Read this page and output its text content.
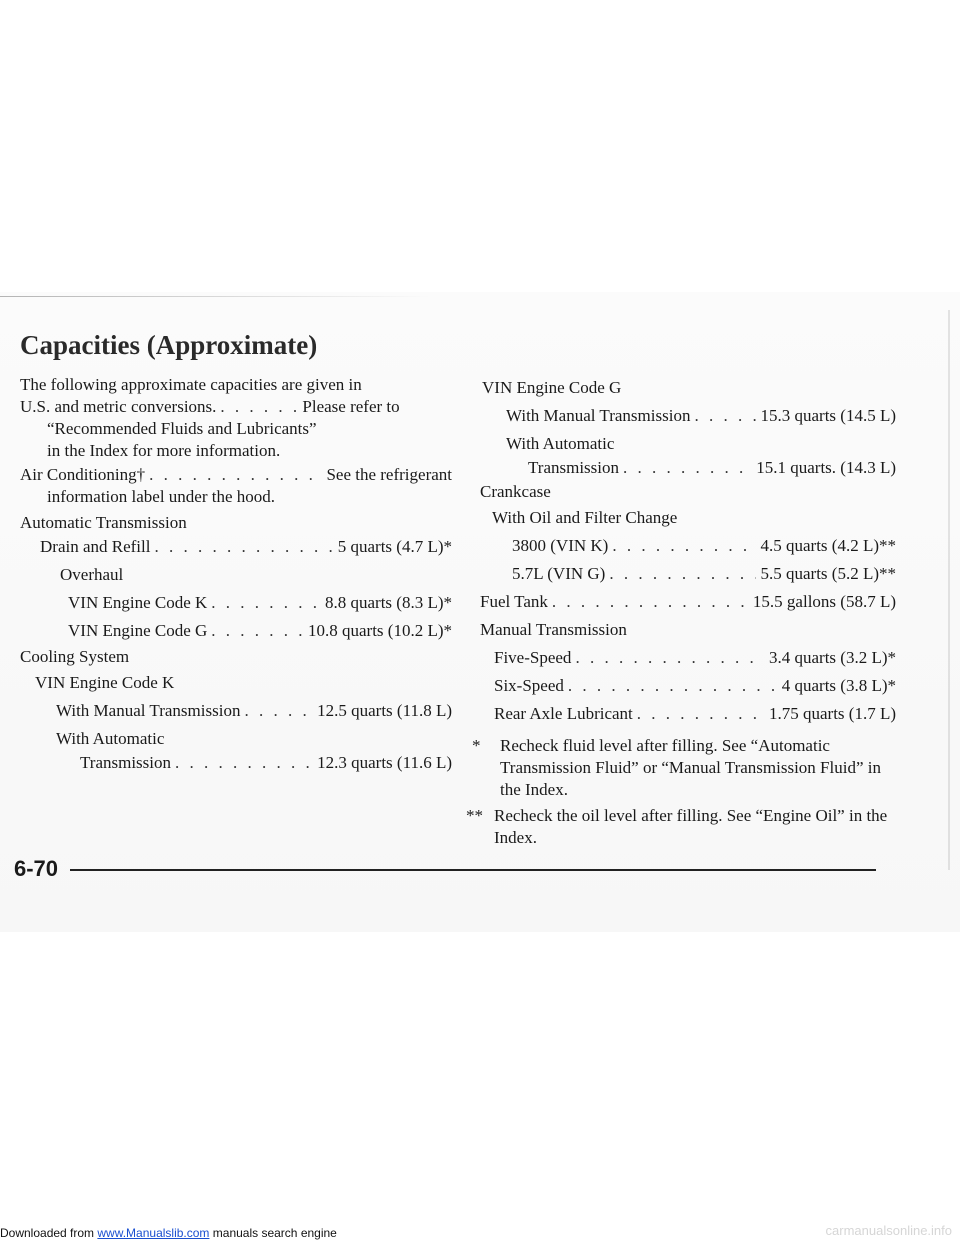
Capacities (Approximate)
The following approximate capacities are given in
U.S. and metric conversions. . . .	Please refer to
“Recommended Fluids and Lubricants”
in the Index for more information.
Air Conditioning† . . .	See the refrigerant
information label under the hood.
Automatic Transmission
Drain and Refill . . .	5 quarts (4.7 L)*
Overhaul
VIN Engine Code K . . .	8.8 quarts (8.3 L)*
VIN Engine Code G . . .	10.8 quarts (10.2 L)*
Cooling System
VIN Engine Code K
With Manual Transmission . . .	12.5 quarts (11.8 L)
With Automatic
Transmission . . .	12.3 quarts (11.6 L)
VIN Engine Code G
With Manual Transmission . . .	15.3 quarts (14.5 L)
With Automatic
Transmission . . .	15.1 quarts. (14.3 L)
Crankcase
With Oil and Filter Change
3800 (VIN K) . . .	4.5 quarts (4.2 L)**
5.7L (VIN G) . . .	5.5 quarts (5.2 L)**
Fuel Tank . . .	15.5 gallons (58.7 L)
Manual Transmission
Five-Speed . . .	3.4 quarts (3.2 L)*
Six-Speed . . .	4 quarts (3.8 L)*
Rear Axle Lubricant . . .	1.75 quarts (1.7 L)
*	Recheck fluid level after filling. See “Automatic Transmission Fluid” or “Manual Transmission Fluid” in the Index.
** Recheck the oil level after filling. See “Engine Oil” in the Index.
6-70
Downloaded from www.Manualslib.com manuals search engine	carmanualsonline.info
